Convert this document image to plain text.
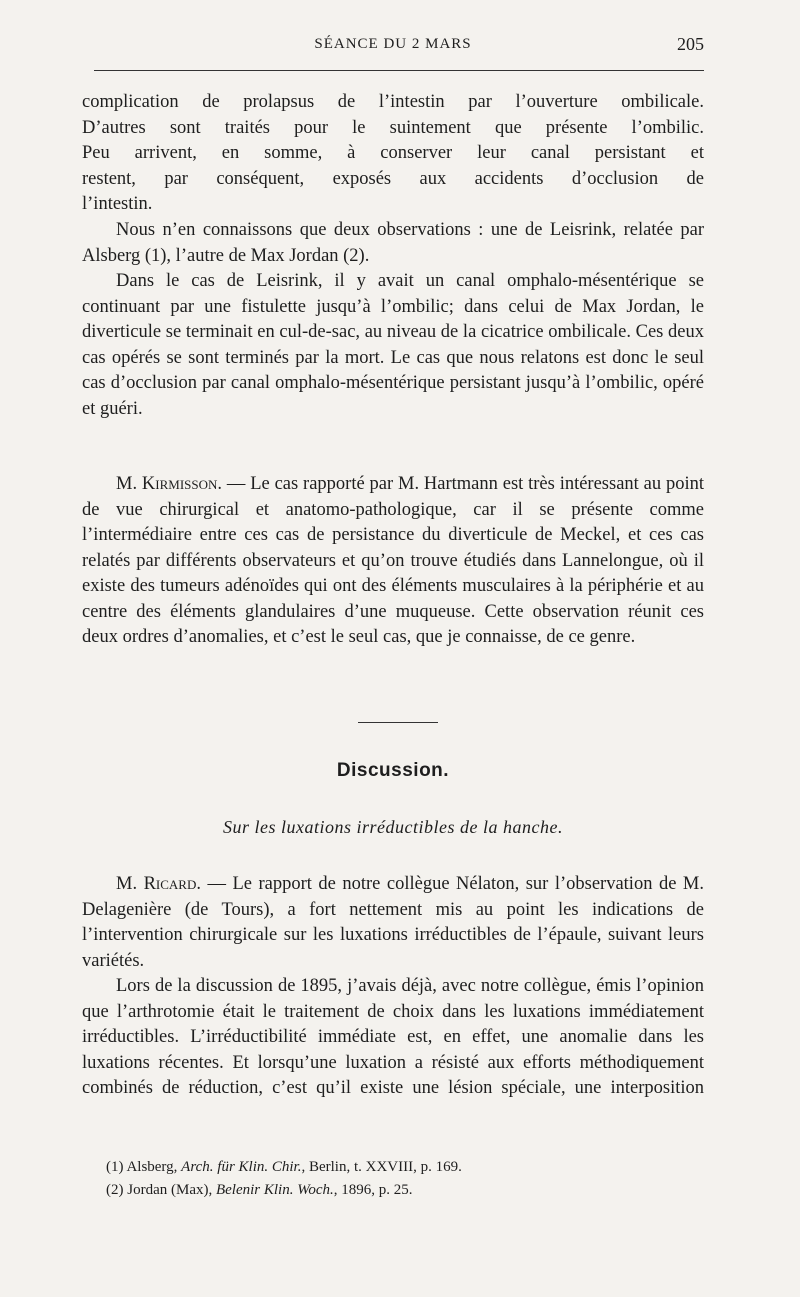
SÉANCE DU 2 MARS	205

complication de prolapsus de l’intestin par l’ouverture ombilicale.

D’autres sont traités pour le suintement que présente l’ombilic.

Peu arrivent, en somme, à conserver leur canal persistant et

restent, par conséquent, exposés aux accidents d’occlusion de

l’intestin.

Nous n’en connaissons que deux observations : une de Leisrink, relatée par Alsberg (1), l’autre de Max Jordan (2).

Dans le cas de Leisrink, il y avait un canal omphalo-mésentérique se continuant par une fistulette jusqu’à l’ombilic; dans celui de Max Jordan, le diverticule se terminait en cul-de-sac, au niveau de la cicatrice ombilicale. Ces deux cas opérés se sont terminés par la mort. Le cas que nous relatons est donc le seul cas d’occlusion par canal omphalo-mésentérique persistant jusqu’à l’ombilic, opéré et guéri.

M. Kirmisson. — Le cas rapporté par M. Hartmann est très intéressant au point de vue chirurgical et anatomo-pathologique, car il se présente comme l’intermédiaire entre ces cas de persistance du diverticule de Meckel, et ces cas relatés par différents observateurs et qu’on trouve étudiés dans Lannelongue, où il existe des tumeurs adénoïdes qui ont des éléments musculaires à la périphérie et au centre des éléments glandulaires d’une muqueuse. Cette observation réunit ces deux ordres d’anomalies, et c’est le seul cas, que je connaisse, de ce genre.

Discussion.
Sur les luxations irréductibles de la hanche.

M. Ricard. — Le rapport de notre collègue Nélaton, sur l’observation de M. Delagenière (de Tours), a fort nettement mis au point les indications de l’intervention chirurgicale sur les luxations irréductibles de l’épaule, suivant leurs variétés.

Lors de la discussion de 1895, j’avais déjà, avec notre collègue, émis l’opinion que l’arthrotomie était le traitement de choix dans les luxations immédiatement irréductibles. L’irréductibilité immédiate est, en effet, une anomalie dans les luxations récentes. Et lorsqu’une luxation a résisté aux efforts méthodiquement combinés de réduction, c’est qu’il existe une lésion spéciale, une interposition

(1) Alsberg, Arch. für Klin. Chir., Berlin, t. XXVIII, p. 169.

(2) Jordan (Max), Belenir Klin. Woch., 1896, p. 25.
